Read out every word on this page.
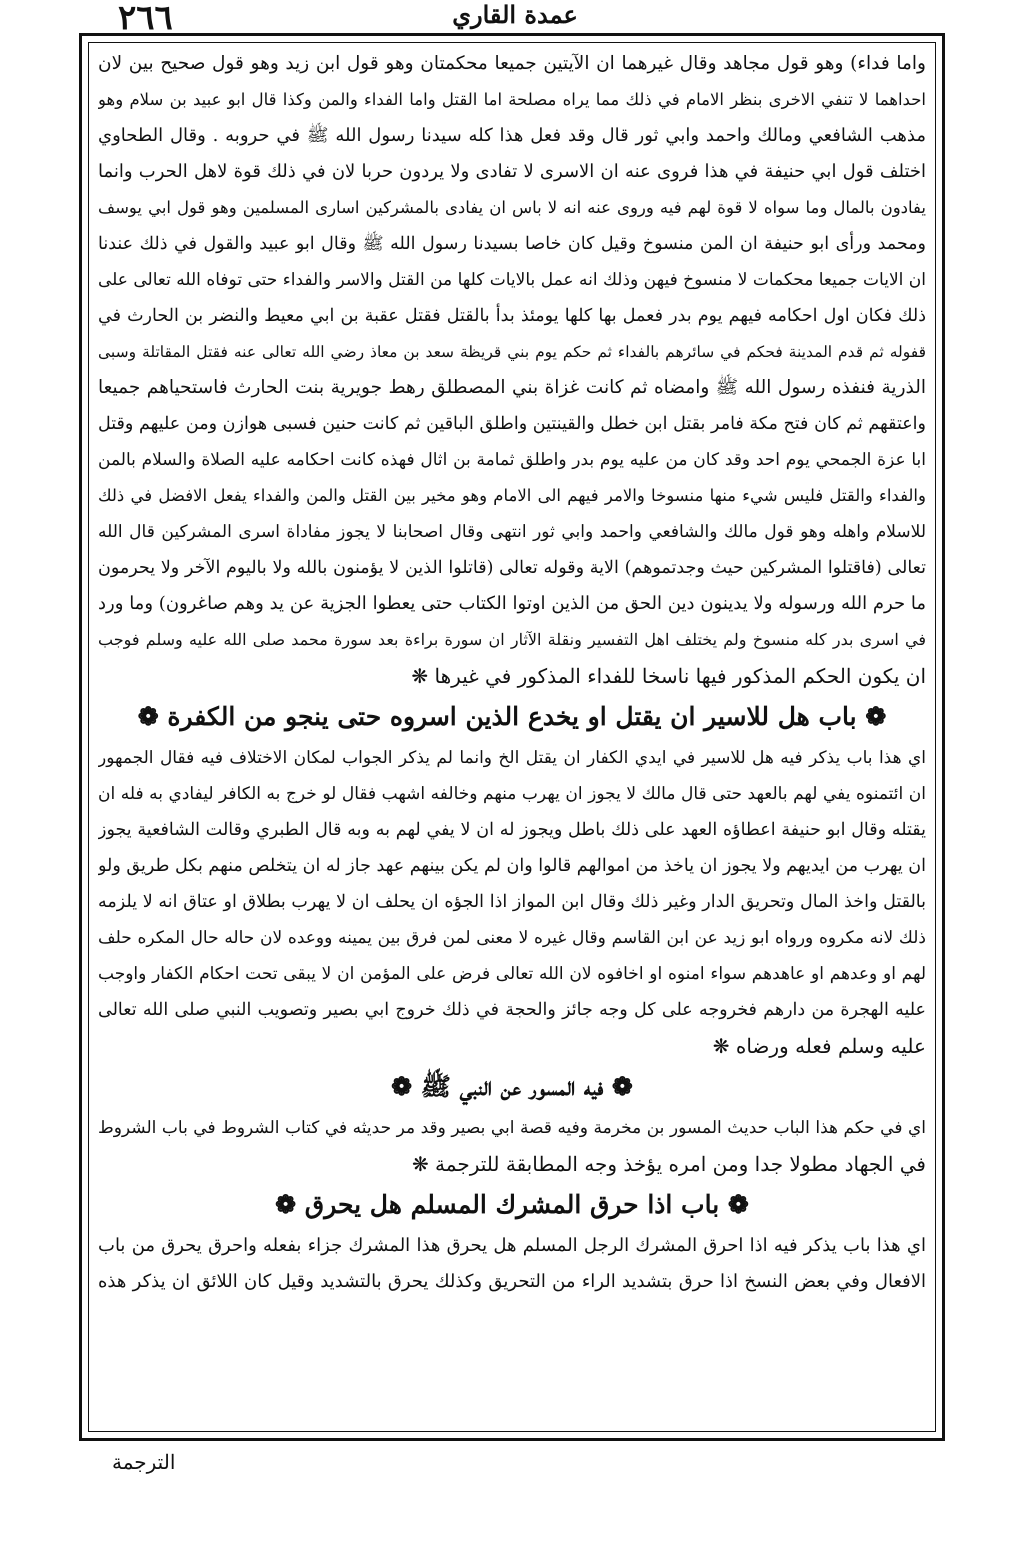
٢٦٦	عمدة القاري
واما فداء) وهو قول مجاهد وقال غيرهما ان الآيتين جميعا محكمتان وهو قول ابن زيد وهو قول صحيح بين لان
احداهما لا تنفي الاخرى بنظر الامام في ذلك مما يراه مصلحة اما القتل واما الفداء والمن وكذا قال ابو عبيد بن سلام وهو
مذهب الشافعي ومالك واحمد وابي ثور قال وقد فعل هذا كله سيدنا رسول الله ﷺ في حروبه . وقال الطحاوي
اختلف قول ابي حنيفة في هذا فروى عنه ان الاسرى لا تفادى ولا يردون حربا لان في ذلك قوة لاهل الحرب وانما
يفادون بالمال وما سواه لا قوة لهم فيه وروى عنه انه لا باس ان يفادى بالمشركين اسارى المسلمين وهو قول ابي يوسف
ومحمد ورأى ابو حنيفة ان المن منسوخ وقيل كان خاصا بسيدنا رسول الله ﷺ وقال ابو عبيد والقول في ذلك عندنا
ان الايات جميعا محكمات لا منسوخ فيهن وذلك انه عمل بالايات كلها من القتل والاسر والفداء حتى توفاه الله تعالى على
ذلك فكان اول احكامه فيهم يوم بدر فعمل بها كلها يومئذ بدأ بالقتل فقتل عقبة بن ابي معيط والنضر بن الحارث في
قفوله ثم قدم المدينة فحكم في سائرهم بالفداء ثم حكم يوم بني قريظة سعد بن معاذ رضي الله تعالى عنه فقتل المقاتلة وسبى
الذرية فنفذه رسول الله ﷺ وامضاه ثم كانت غزاة بني المصطلق رهط جويرية بنت الحارث فاستحياهم جميعا
واعتقهم ثم كان فتح مكة فامر بقتل ابن خطل والقينتين واطلق الباقين ثم كانت حنين فسبى هوازن ومن عليهم وقتل
ابا عزة الجمحي يوم احد وقد كان من عليه يوم بدر واطلق ثمامة بن اثال فهذه كانت احكامه عليه الصلاة والسلام بالمن
والفداء والقتل فليس شيء منها منسوخا والامر فيهم الى الامام وهو مخير بين القتل والمن والفداء يفعل الافضل في ذلك
للاسلام واهله وهو قول مالك والشافعي واحمد وابي ثور انتهى وقال اصحابنا لا يجوز مفاداة اسرى المشركين قال الله
تعالى (فاقتلوا المشركين حيث وجدتموهم) الاية وقوله تعالى (قاتلوا الذين لا يؤمنون بالله ولا باليوم الآخر ولا يحرمون
ما حرم الله ورسوله ولا يدينون دين الحق من الذين اوتوا الكتاب حتى يعطوا الجزية عن يد وهم صاغرون) وما ورد
في اسرى بدر كله منسوخ ولم يختلف اهل التفسير ونقلة الآثار ان سورة براءة بعد سورة محمد صلى الله عليه وسلم فوجب
ان يكون الحكم المذكور فيها ناسخا للفداء المذكور في غيرها ❋
❁ باب هل للاسير ان يقتل او يخدع الذين اسروه حتى ينجو من الكفرة ❁
اي هذا باب يذكر فيه هل للاسير في ايدي الكفار ان يقتل الخ وانما لم يذكر الجواب لمكان الاختلاف فيه فقال الجمهور
ان ائتمنوه يفي لهم بالعهد حتى قال مالك لا يجوز ان يهرب منهم وخالفه اشهب فقال لو خرج به الكافر ليفادي به فله ان
يقتله وقال ابو حنيفة اعطاؤه العهد على ذلك باطل ويجوز له ان لا يفي لهم به وبه قال الطبري وقالت الشافعية يجوز
ان يهرب من ايديهم ولا يجوز ان ياخذ من اموالهم قالوا وان لم يكن بينهم عهد جاز له ان يتخلص منهم بكل طريق ولو
بالقتل واخذ المال وتحريق الدار وغير ذلك وقال ابن المواز اذا الجؤه ان يحلف ان لا يهرب بطلاق او عتاق انه لا يلزمه
ذلك لانه مكروه ورواه ابو زيد عن ابن القاسم وقال غيره لا معنى لمن فرق بين يمينه ووعده لان حاله حال المكره حلف
لهم او وعدهم او عاهدهم سواء امنوه او اخافوه لان الله تعالى فرض على المؤمن ان لا يبقى تحت احكام الكفار واوجب
عليه الهجرة من دارهم فخروجه على كل وجه جائز والحجة في ذلك خروج ابي بصير وتصويب النبي صلى الله تعالى
عليه وسلم فعله ورضاه ❋
❁ فيه المسور عن النبي ﷺ ❁
اي في حكم هذا الباب حديث المسور بن مخرمة وفيه قصة ابي بصير وقد مر حديثه في كتاب الشروط في باب الشروط
في الجهاد مطولا جدا ومن امره يؤخذ وجه المطابقة للترجمة ❋
❁ باب اذا حرق المشرك المسلم هل يحرق ❁
اي هذا باب يذكر فيه اذا احرق المشرك الرجل المسلم هل يحرق هذا المشرك جزاء بفعله واحرق يحرق من باب
الافعال وفي بعض النسخ اذا حرق بتشديد الراء من التحريق وكذلك يحرق بالتشديد وقيل كان اللائق ان يذكر هذه
الترجمة
